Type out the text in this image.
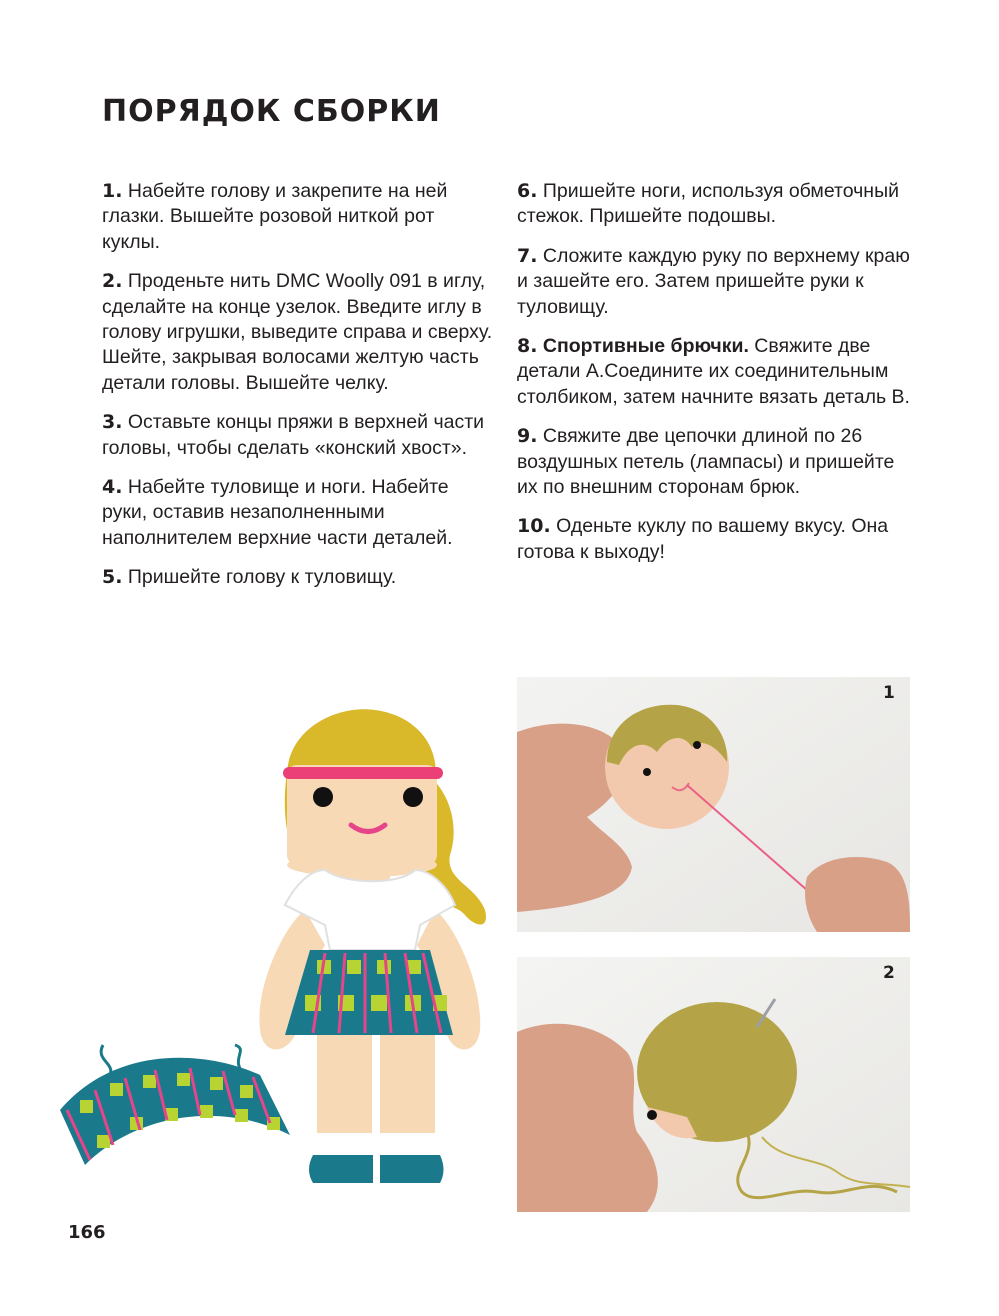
ПОРЯДОК СБОРКИ

1. Набейте голову и закрепите на ней глазки. Вышейте розовой ниткой рот куклы.

2. Проденьте нить DMC Woolly 091 в иглу, сделайте на конце узелок. Введите иглу в голову игрушки, выведите справа и сверху. Шейте, закрывая волосами желтую часть детали головы. Вышейте челку.

3. Оставьте концы пряжи в верхней части головы, чтобы сделать «конский хвост».

4. Набейте туловище и ноги. Набейте руки, оставив незаполненными наполнителем верхние части деталей.

5. Пришейте голову к туловищу.

6. Пришейте ноги, используя обметочный стежок. Пришейте подошвы.

7. Сложите каждую руку по верхнему краю и зашейте его. Затем пришейте руки к туловищу.

8. Спортивные брючки. Свяжите две детали А.Соедините их соединительным столбиком, затем начните вязать деталь В.

9. Свяжите две цепочки длиной по 26 воздушных петель (лампасы) и пришейте их по внешним сторонам брюк.

10. Оденьте куклу по вашему вкусу. Она готова к выходу!

1
2
166
